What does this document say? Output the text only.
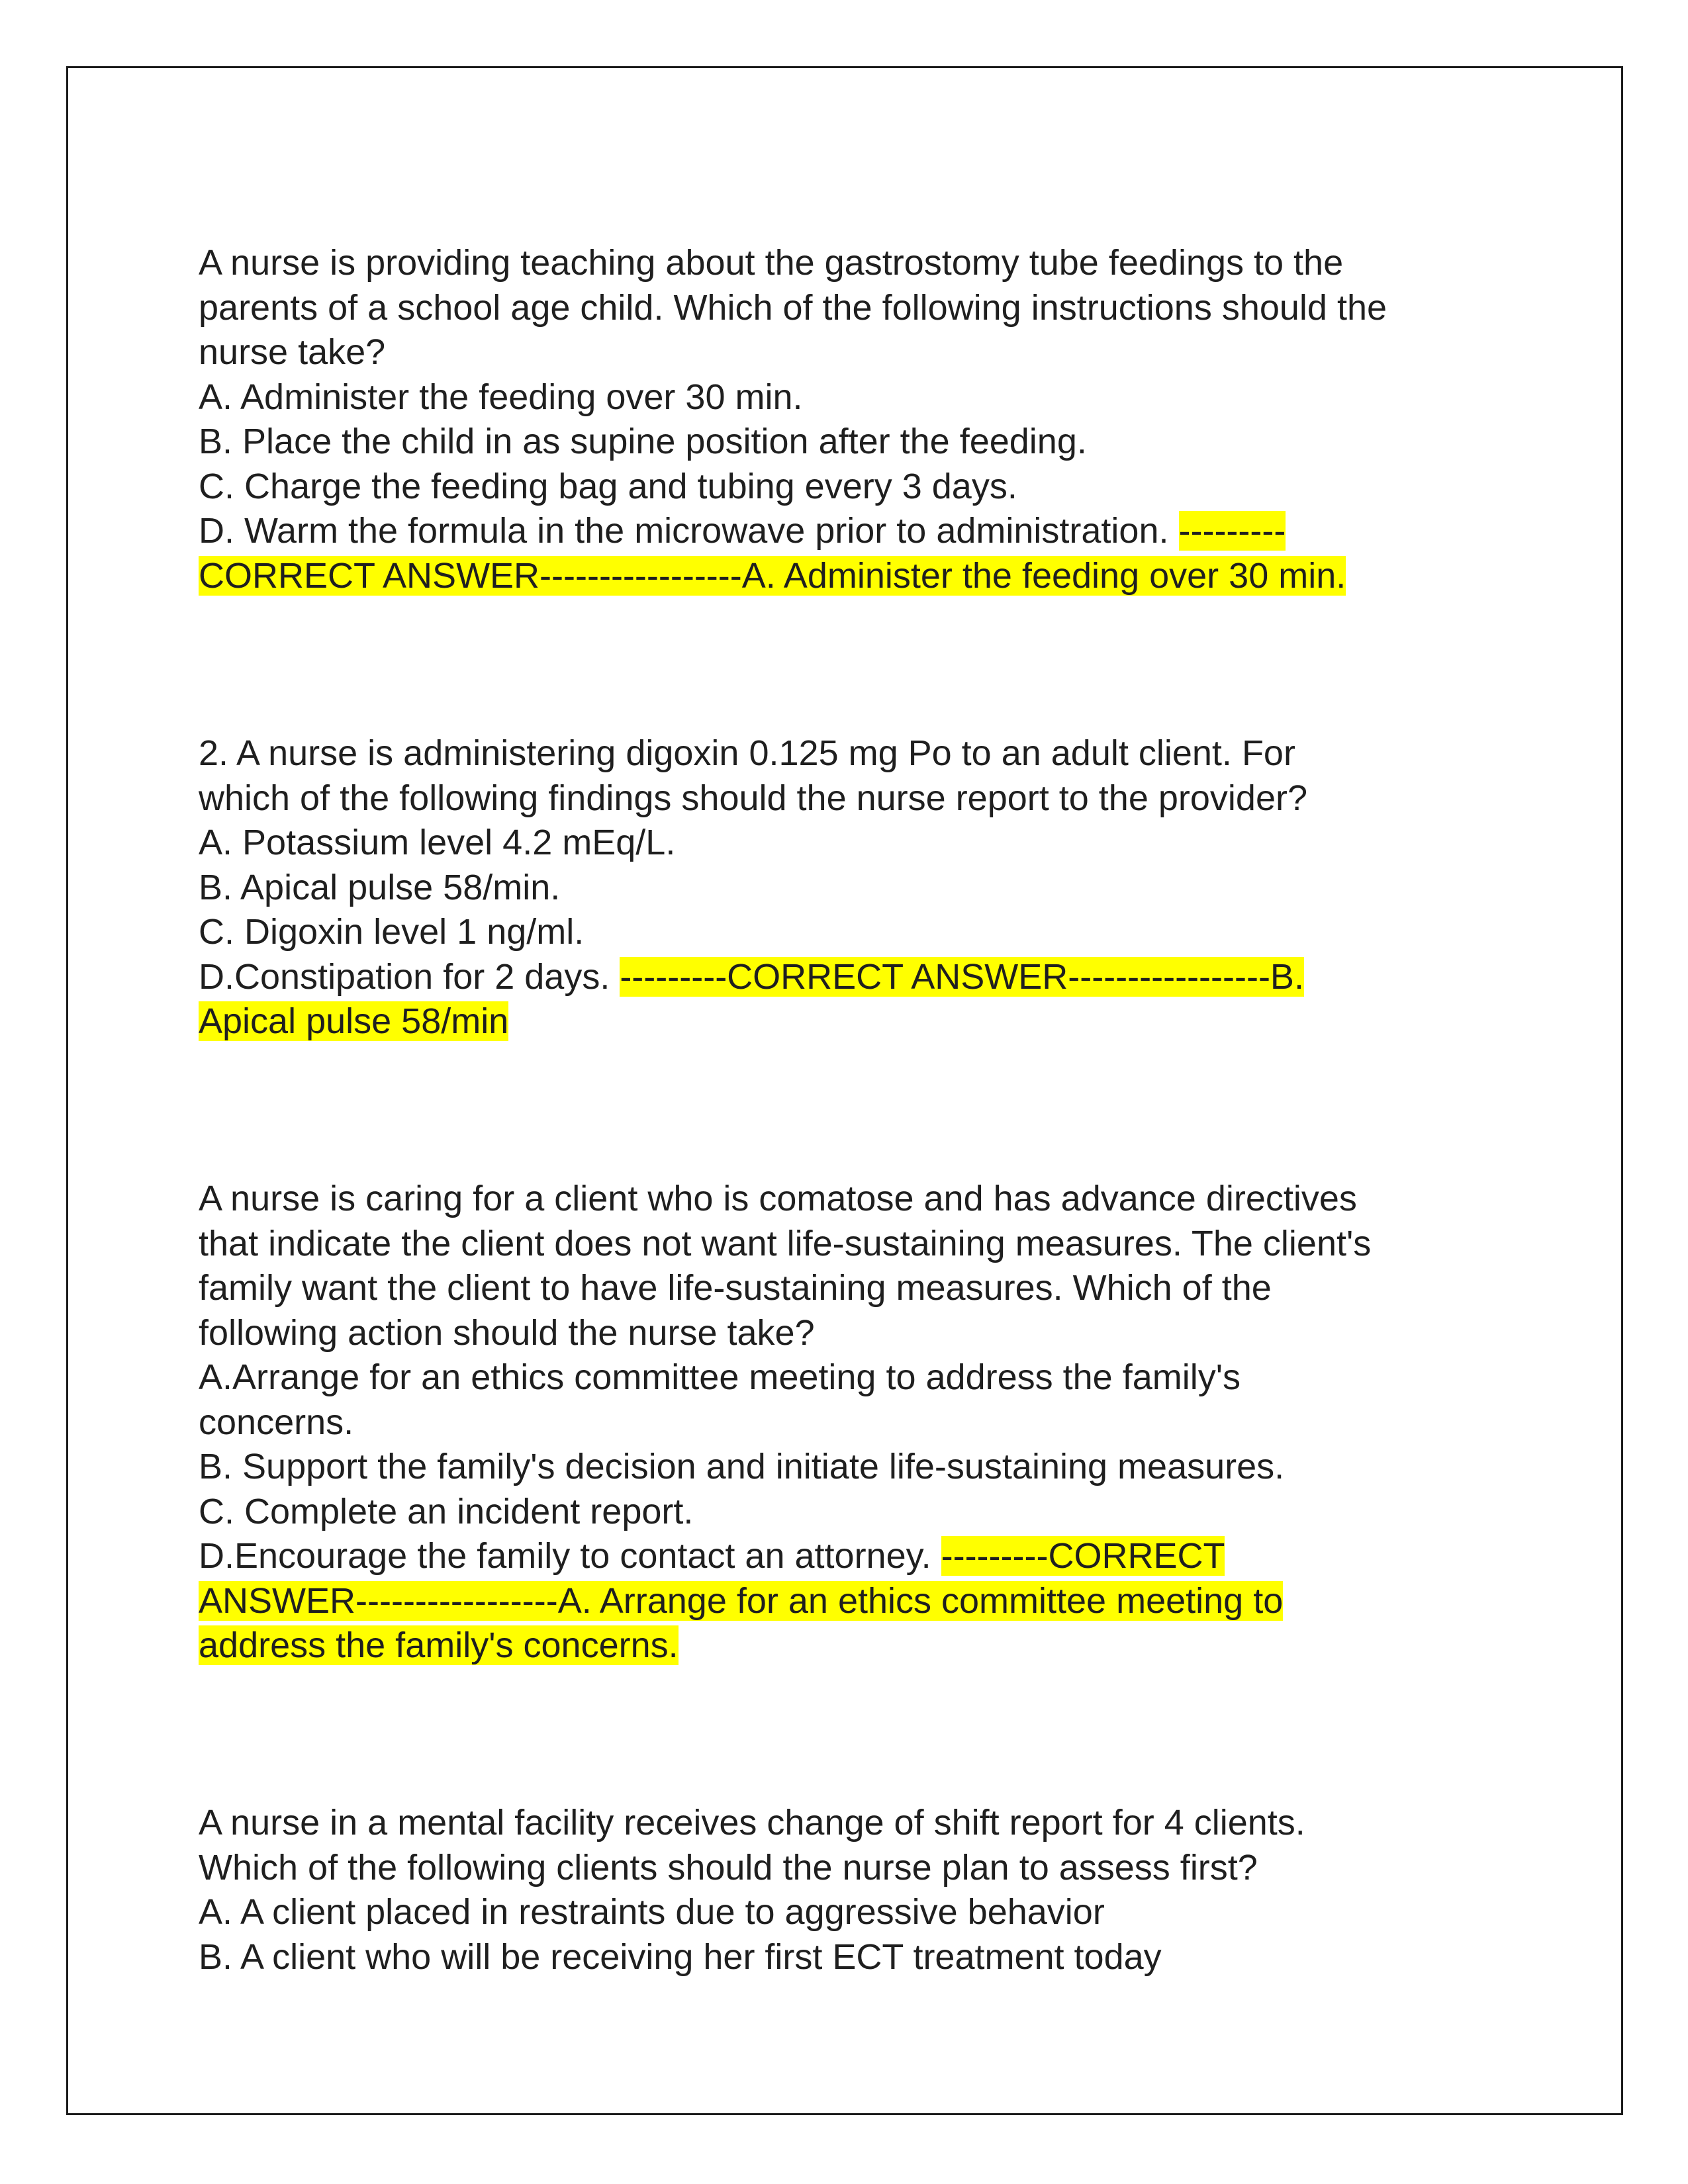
A nurse is providing teaching about the gastrostomy tube feedings to the
parents of a school age child. Which of the following instructions should the
nurse take?
A. Administer the feeding over 30 min.
B. Place the child in as supine position after the feeding.
C. Charge the feeding bag and tubing every 3 days.
D. Warm the formula in the microwave prior to administration. ---------
CORRECT ANSWER-----------------A. Administer the feeding over 30 min.
2. A nurse is administering digoxin 0.125 mg Po to an adult client. For
which of the following findings should the nurse report to the provider?
A. Potassium level 4.2 mEq/L.
B. Apical pulse 58/min.
C. Digoxin level 1 ng/ml.
D.Constipation for 2 days. ---------CORRECT ANSWER-----------------B.
Apical pulse 58/min
A nurse is caring for a client who is comatose and has advance directives
that indicate the client does not want life-sustaining measures. The client's
family want the client to have life-sustaining measures. Which of the
following action should the nurse take?
A.Arrange for an ethics committee meeting to address the family's
concerns.
B. Support the family's decision and initiate life-sustaining measures.
C. Complete an incident report.
D.Encourage the family to contact an attorney. ---------CORRECT
ANSWER-----------------A. Arrange for an ethics committee meeting to
address the family's concerns.
A nurse in a mental facility receives change of shift report for 4 clients.
Which of the following clients should the nurse plan to assess first?
A. A client placed in restraints due to aggressive behavior
B. A client who will be receiving her first ECT treatment today
